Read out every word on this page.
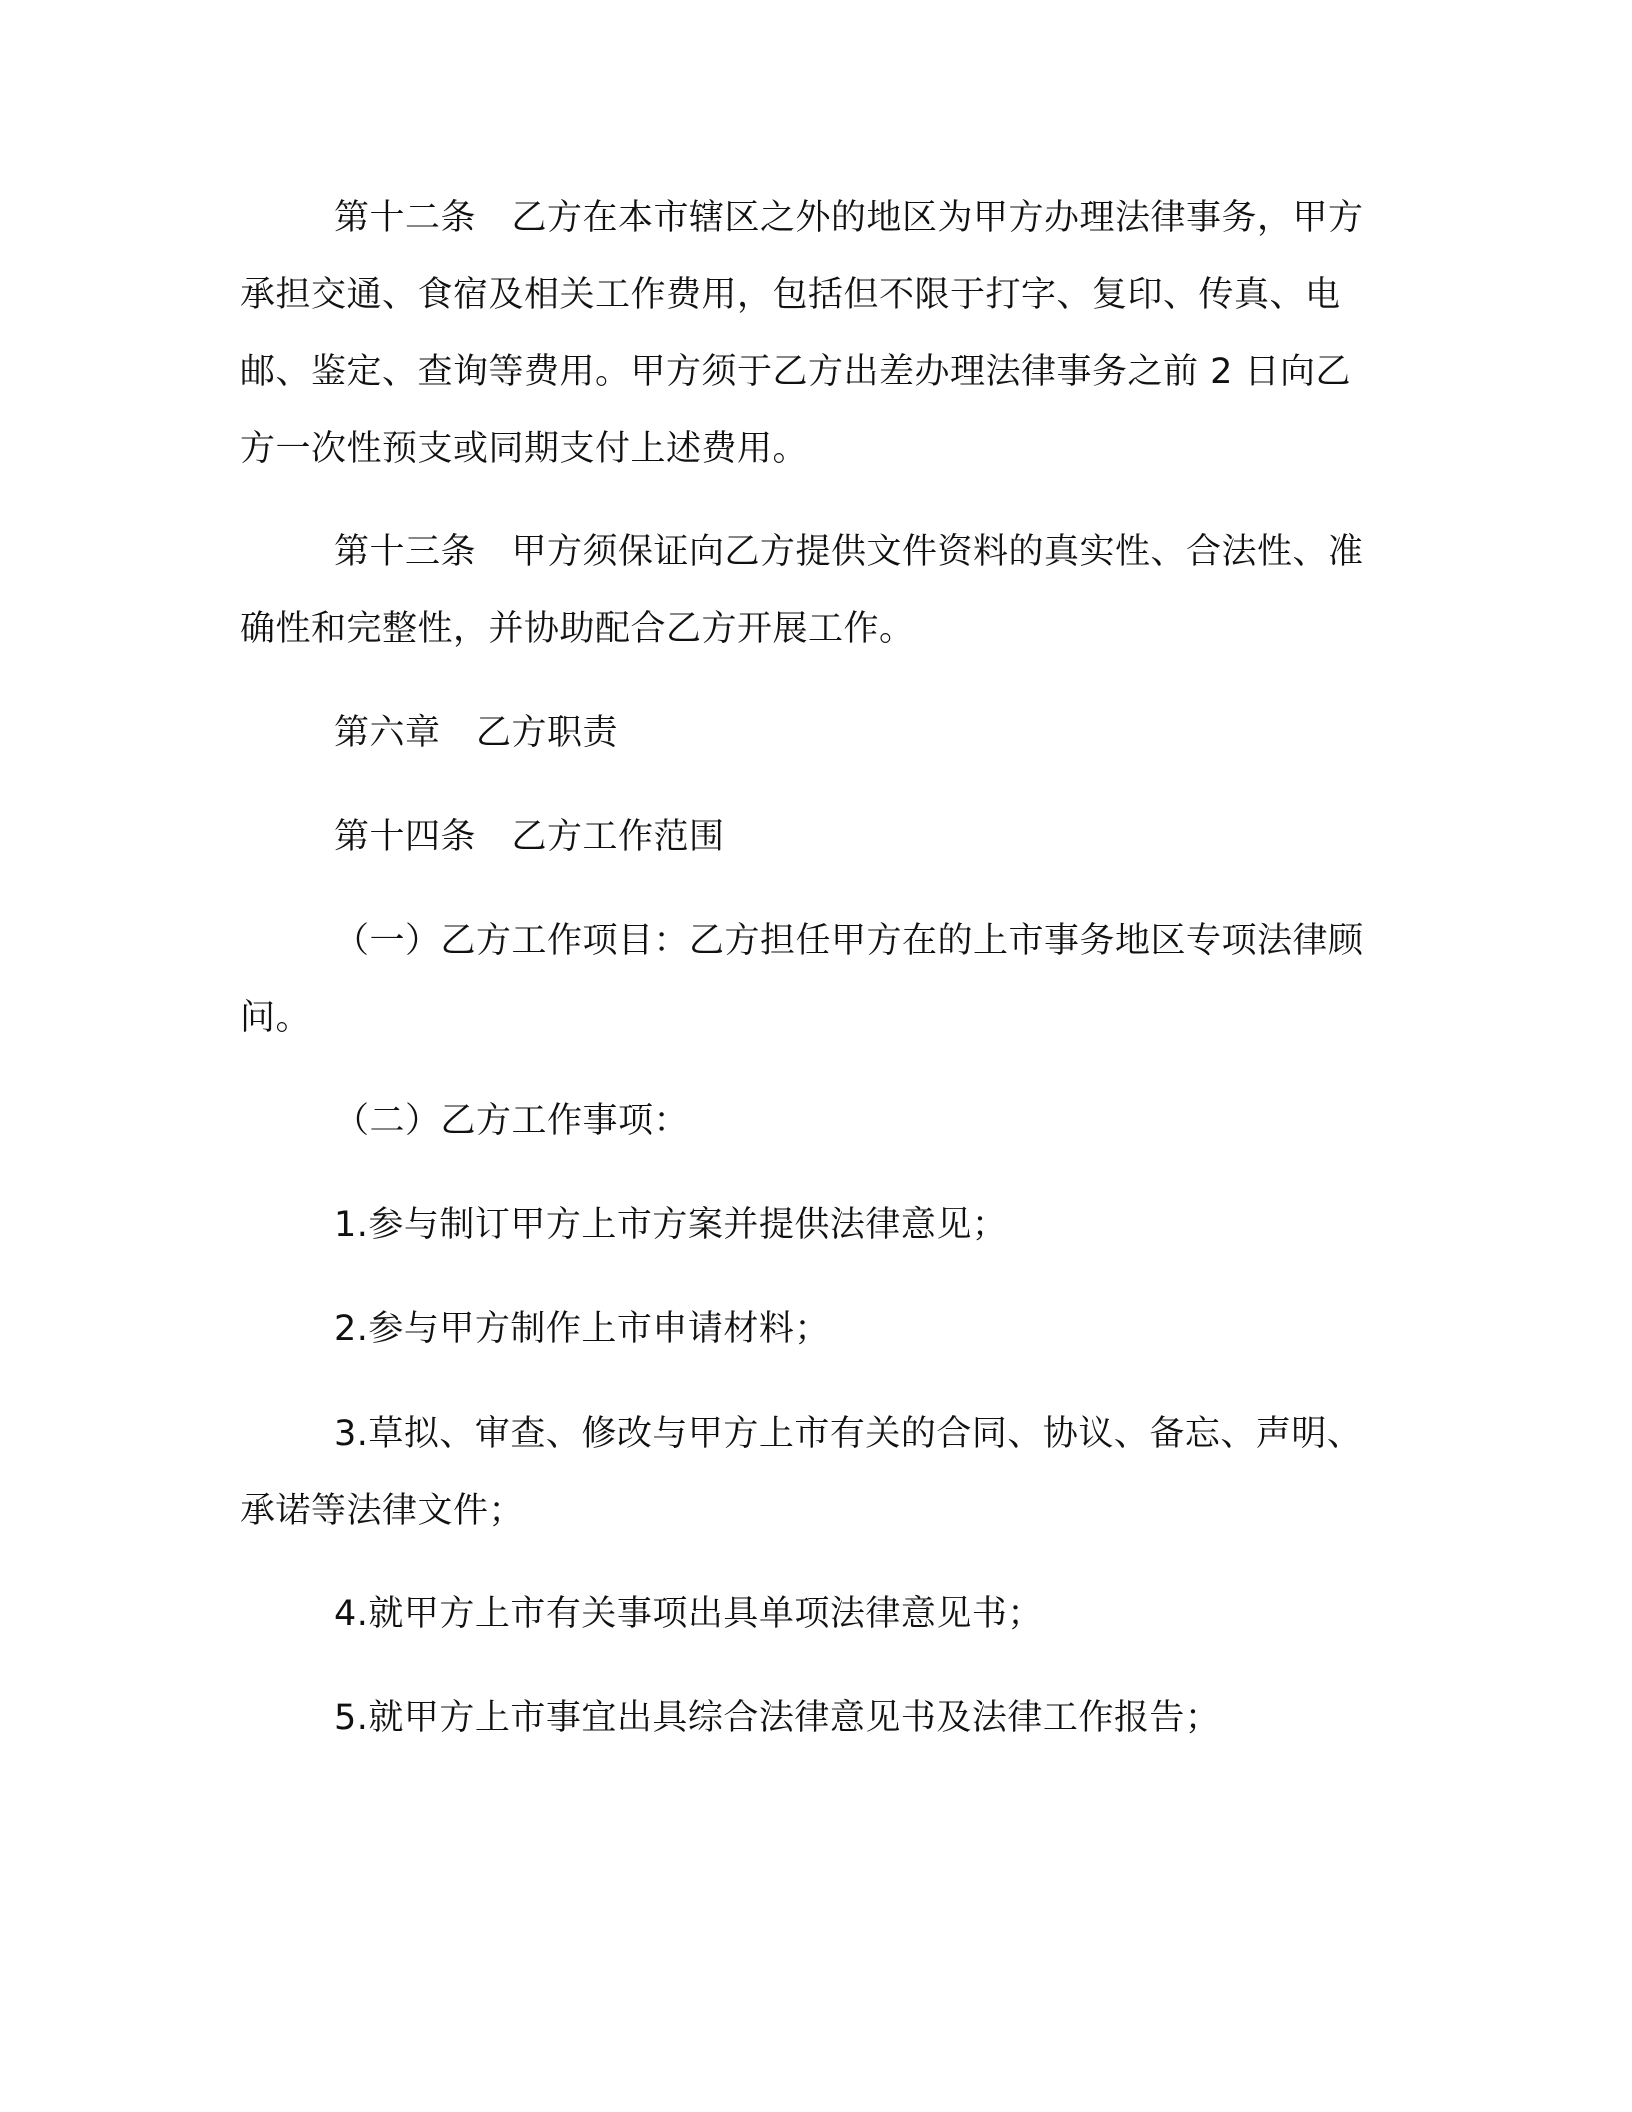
第十二条　乙方在本市辖区之外的地区为甲方办理法律事务，甲方承担交通、食宿及相关工作费用，包括但不限于打字、复印、传真、电邮、鉴定、查询等费用。甲方须于乙方出差办理法律事务之前 2 日向乙方一次性预支或同期支付上述费用。

第十三条　甲方须保证向乙方提供文件资料的真实性、合法性、准确性和完整性，并协助配合乙方开展工作。

第六章　乙方职责

第十四条　乙方工作范围

（一）乙方工作项目：乙方担任甲方在的上市事务地区专项法律顾问。

（二）乙方工作事项：

1.参与制订甲方上市方案并提供法律意见；

2.参与甲方制作上市申请材料；

3.草拟、审查、修改与甲方上市有关的合同、协议、备忘、声明、承诺等法律文件；

4.就甲方上市有关事项出具单项法律意见书；

5.就甲方上市事宜出具综合法律意见书及法律工作报告；
